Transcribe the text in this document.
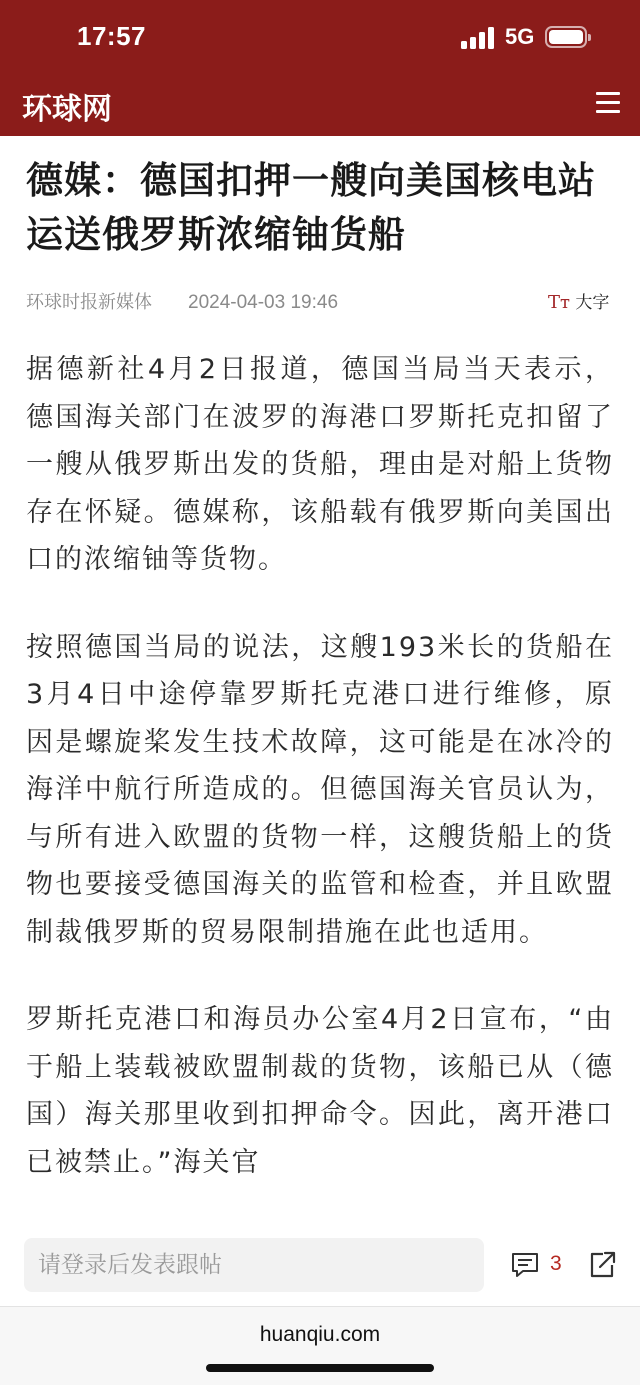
17:57	5G
环球网
德媒：德国扣押一艘向美国核电站运送俄罗斯浓缩铀货船
环球时报新媒体 2024-04-03 19:46	Tт 大字

据德新社4月2日报道，德国当局当天表示，德国海关部门在波罗的海港口罗斯托克扣留了一艘从俄罗斯出发的货船，理由是对船上货物存在怀疑。德媒称，该船载有俄罗斯向美国出口的浓缩铀等货物。

按照德国当局的说法，这艘193米长的货船在3月4日中途停靠罗斯托克港口进行维修，原因是螺旋桨发生技术故障，这可能是在冰冷的海洋中航行所造成的。但德国海关官员认为，与所有进入欧盟的货物一样，这艘货船上的货物也要接受德国海关的监管和检查，并且欧盟制裁俄罗斯的贸易限制措施在此也适用。

罗斯托克港口和海员办公室4月2日宣布，“由于船上装载被欧盟制裁的货物，该船已从（德国）海关那里收到扣押命令。因此，离开港口已被禁止。”海关官

请登录后发表跟帖
3
huanqiu.com
